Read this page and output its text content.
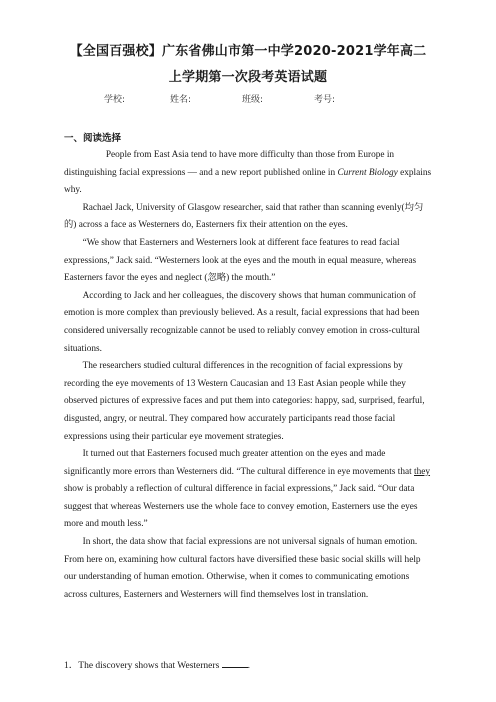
【全国百强校】广东省佛山市第一中学2020-2021学年高二
上学期第一次段考英语试题
学校:	姓名:	班级:	考号:
一、阅读选择

People from East Asia tend to have more difficulty than those from Europe in distinguishing facial expressions — and a new report published online in Current Biology explains why.

Rachael Jack, University of Glasgow researcher, said that rather than scanning evenly(均匀的) across a face as Westerners do, Easterners fix their attention on the eyes.

“We show that Easterners and Westerners look at different face features to read facial expressions,” Jack said. “Westerners look at the eyes and the mouth in equal measure, whereas Easterners favor the eyes and neglect (忽略) the mouth.”

According to Jack and her colleagues, the discovery shows that human communication of emotion is more complex than previously believed. As a result, facial expressions that had been considered universally recognizable cannot be used to reliably convey emotion in cross-cultural situations.

The researchers studied cultural differences in the recognition of facial expressions by recording the eye movements of 13 Western Caucasian and 13 East Asian people while they observed pictures of expressive faces and put them into categories: happy, sad, surprised, fearful, disgusted, angry, or neutral. They compared how accurately participants read those facial expressions using their particular eye movement strategies.

It turned out that Easterners focused much greater attention on the eyes and made significantly more errors than Westerners did. “The cultural difference in eye movements that they show is probably a reflection of cultural difference in facial expressions,” Jack said. “Our data suggest that whereas Westerners use the whole face to convey emotion, Easterners use the eyes more and mouth less.”

In short, the data show that facial expressions are not universal signals of human emotion. From here on, examining how cultural factors have diversified these basic social skills will help our understanding of human emotion. Otherwise, when it comes to communicating emotions across cultures, Easterners and Westerners will find themselves lost in translation.

1．The discovery shows that Westerners	.
